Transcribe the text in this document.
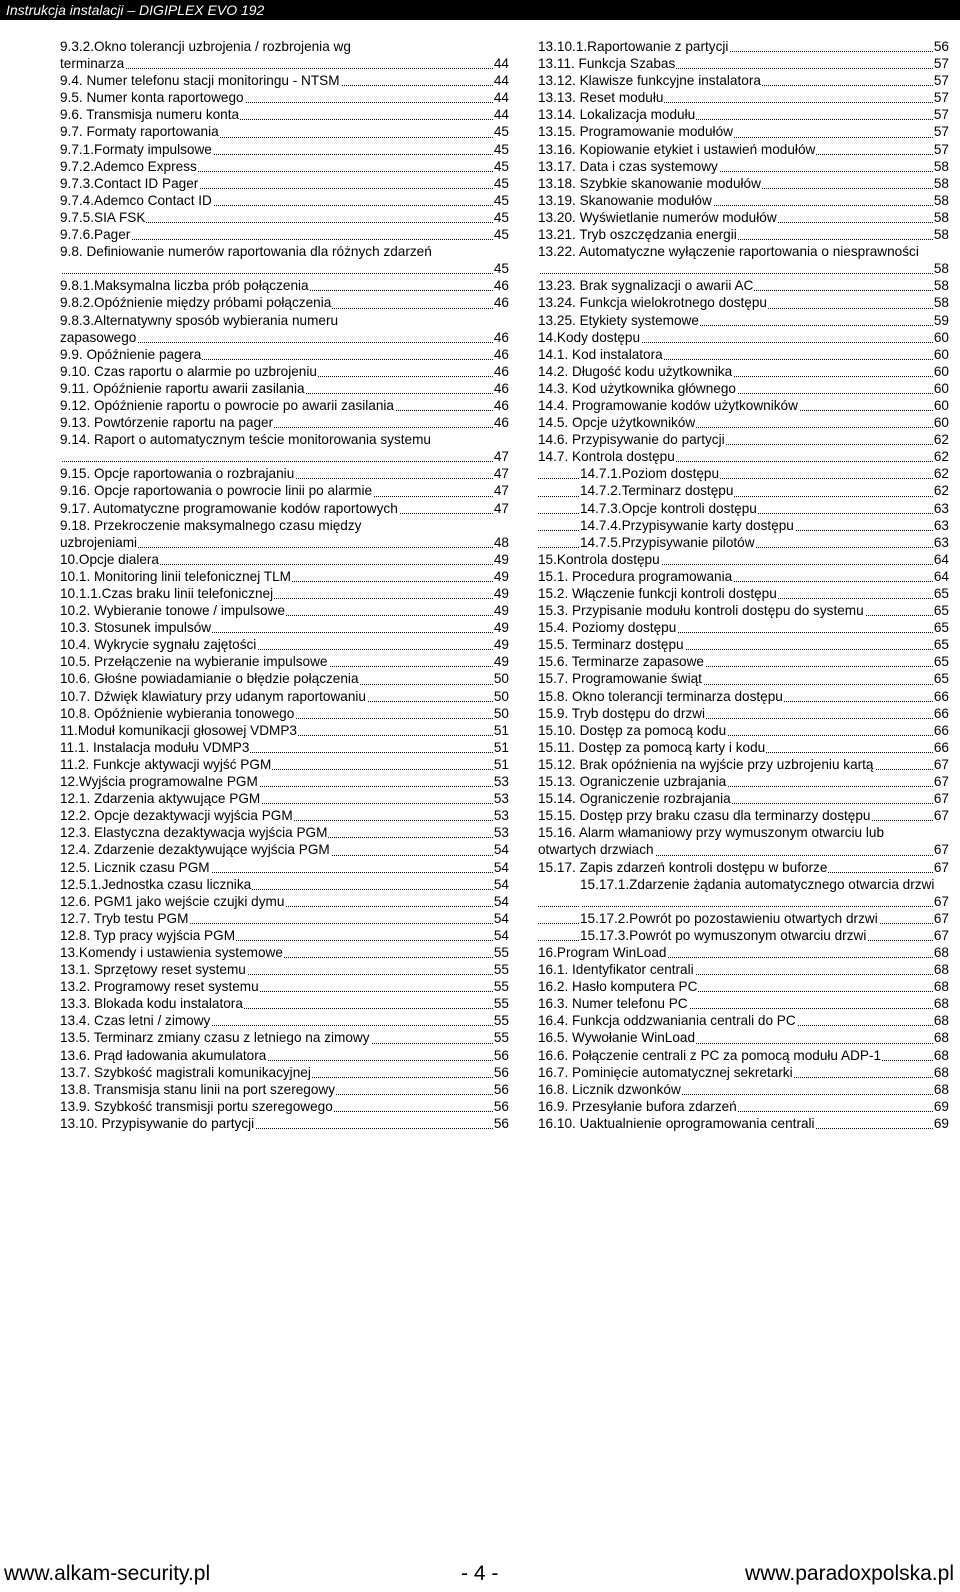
Instrukcja instalacji – DIGIPLEX EVO 192
9.3.2.Okno tolerancji uzbrojenia / rozbrojenia wg
terminarza	44
9.4. Numer telefonu stacji monitoringu - NTSM	44
9.5. Numer konta raportowego	44
9.6. Transmisja numeru konta	44
9.7. Formaty raportowania	45
9.7.1.Formaty impulsowe	45
9.7.2.Ademco Express	45
9.7.3.Contact ID Pager	45
9.7.4.Ademco Contact ID	45
9.7.5.SIA FSK	45
9.7.6.Pager	45
9.8. Definiowanie numerów raportowania dla różnych zdarzeń
45
9.8.1.Maksymalna liczba prób połączenia	46
9.8.2.Opóźnienie między próbami połączenia	46
9.8.3.Alternatywny sposób wybierania numeru
zapasowego	46
9.9. Opóźnienie pagera	46
9.10. Czas raportu o alarmie po uzbrojeniu	46
9.11. Opóźnienie raportu awarii zasilania	46
9.12. Opóźnienie raportu o powrocie po awarii zasilania	46
9.13. Powtórzenie raportu na pager	46
9.14. Raport o automatycznym teście monitorowania systemu
47
9.15. Opcje raportowania o rozbrajaniu	47
9.16. Opcje raportowania o powrocie linii po alarmie	47
9.17. Automatyczne programowanie kodów raportowych	47
9.18. Przekroczenie maksymalnego czasu między
uzbrojeniami	48
10.Opcje dialera	49
10.1. Monitoring linii telefonicznej TLM	49
10.1.1.Czas braku linii telefonicznej	49
10.2. Wybieranie tonowe / impulsowe	49
10.3. Stosunek impulsów	49
10.4. Wykrycie sygnału zajętości	49
10.5. Przełączenie na wybieranie impulsowe	49
10.6. Głośne powiadamianie o błędzie połączenia	50
10.7. Dźwięk klawiatury przy udanym raportowaniu	50
10.8. Opóźnienie wybierania tonowego	50
11.Moduł komunikacji głosowej VDMP3	51
11.1. Instalacja modułu VDMP3	51
11.2. Funkcje aktywacji wyjść PGM	51
12.Wyjścia programowalne PGM	53
12.1. Zdarzenia aktywujące PGM	53
12.2. Opcje dezaktywacji wyjścia PGM	53
12.3. Elastyczna dezaktywacja wyjścia PGM	53
12.4. Zdarzenie dezaktywujące wyjścia PGM	54
12.5. Licznik czasu PGM	54
12.5.1.Jednostka czasu licznika	54
12.6. PGM1 jako wejście czujki dymu	54
12.7. Tryb testu PGM	54
12.8. Typ pracy wyjścia PGM	54
13.Komendy i ustawienia systemowe	55
13.1. Sprzętowy reset systemu	55
13.2. Programowy reset systemu	55
13.3. Blokada kodu instalatora	55
13.4. Czas letni / zimowy	55
13.5. Terminarz zmiany czasu z letniego na zimowy	55
13.6. Prąd ładowania akumulatora	56
13.7. Szybkość magistrali komunikacyjnej	56
13.8. Transmisja stanu linii na port szeregowy	56
13.9. Szybkość transmisji portu szeregowego	56
13.10. Przypisywanie do partycji	56
13.10.1.Raportowanie z partycji	56
13.11. Funkcja Szabas	57
13.12. Klawisze funkcyjne instalatora	57
13.13. Reset modułu	57
13.14. Lokalizacja modułu	57
13.15. Programowanie modułów	57
13.16. Kopiowanie etykiet i ustawień modułów	57
13.17. Data i czas systemowy	58
13.18. Szybkie skanowanie modułów	58
13.19. Skanowanie modułów	58
13.20. Wyświetlanie numerów modułów	58
13.21. Tryb oszczędzania energii	58
13.22. Automatyczne wyłączenie raportowania o niesprawności
58
13.23. Brak sygnalizacji o awarii AC	58
13.24. Funkcja wielokrotnego dostępu	58
13.25. Etykiety systemowe	59
14.Kody dostępu	60
14.1. Kod instalatora	60
14.2. Długość kodu użytkownika	60
14.3. Kod użytkownika głównego	60
14.4. Programowanie kodów użytkowników	60
14.5. Opcje użytkowników	60
14.6. Przypisywanie do partycji	62
14.7. Kontrola dostępu	62
14.7.1.Poziom dostępu	62
14.7.2.Terminarz dostępu	62
14.7.3.Opcje kontroli dostępu	63
14.7.4.Przypisywanie karty dostępu	63
14.7.5.Przypisywanie pilotów	63
15.Kontrola dostępu	64
15.1. Procedura programowania	64
15.2. Włączenie funkcji kontroli dostępu	65
15.3. Przypisanie modułu kontroli dostępu do systemu	65
15.4. Poziomy dostępu	65
15.5. Terminarz dostępu	65
15.6. Terminarze zapasowe	65
15.7. Programowanie świąt	65
15.8. Okno tolerancji terminarza dostępu	66
15.9. Tryb dostępu do drzwi	66
15.10. Dostęp za pomocą kodu	66
15.11. Dostęp za pomocą karty i kodu	66
15.12. Brak opóźnienia na wyjście przy uzbrojeniu kartą	67
15.13. Ograniczenie uzbrajania	67
15.14. Ograniczenie rozbrajania	67
15.15. Dostęp przy braku czasu dla terminarzy dostępu	67
15.16. Alarm włamaniowy przy wymuszonym otwarciu lub
otwartych drzwiach	67
15.17. Zapis zdarzeń kontroli dostępu w buforze	67
15.17.1.Zdarzenie żądania automatycznego otwarcia drzwi
67
15.17.2.Powrót po pozostawieniu otwartych drzwi	67
15.17.3.Powrót po wymuszonym otwarciu drzwi	67
16.Program WinLoad	68
16.1. Identyfikator centrali	68
16.2. Hasło komputera PC	68
16.3. Numer telefonu PC	68
16.4. Funkcja oddzwaniania centrali do PC	68
16.5. Wywołanie WinLoad	68
16.6. Połączenie centrali z PC za pomocą modułu ADP-1	68
16.7. Pominięcie automatycznej sekretarki	68
16.8. Licznik dzwonków	68
16.9. Przesyłanie bufora zdarzeń	69
16.10. Uaktualnienie oprogramowania centrali	69
www.alkam-security.pl	- 4 -	www.paradoxpolska.pl
